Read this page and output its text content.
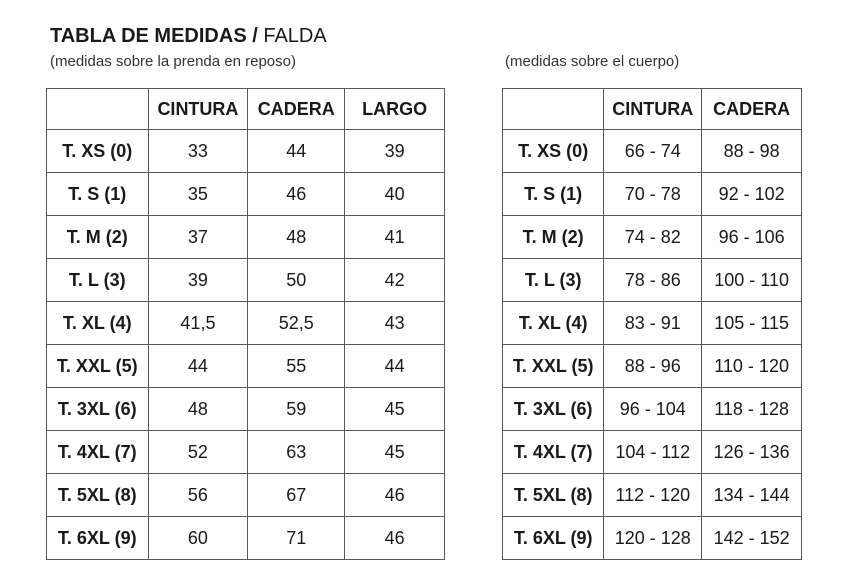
TABLA DE MEDIDAS / FALDA
(medidas sobre la prenda en reposo)	(medidas sobre el cuerpo)
	CINTURA	CADERA	LARGO
T. XS (0)	33	44	39
T. S (1)	35	46	40
T. M (2)	37	48	41
T. L (3)	39	50	42
T. XL (4)	41,5	52,5	43
T. XXL (5)	44	55	44
T. 3XL (6)	48	59	45
T. 4XL (7)	52	63	45
T. 5XL (8)	56	67	46
T. 6XL (9)	60	71	46
	CINTURA	CADERA
T. XS (0)	66 - 74	88 - 98
T. S (1)	70 - 78	92 - 102
T. M (2)	74 - 82	96 - 106
T. L (3)	78 - 86	100 - 110
T. XL (4)	83 - 91	105 - 115
T. XXL (5)	88 - 96	110 - 120
T. 3XL (6)	96 - 104	118 - 128
T. 4XL (7)	104 - 112	126 - 136
T. 5XL (8)	112 - 120	134 - 144
T. 6XL (9)	120 - 128	142 - 152
